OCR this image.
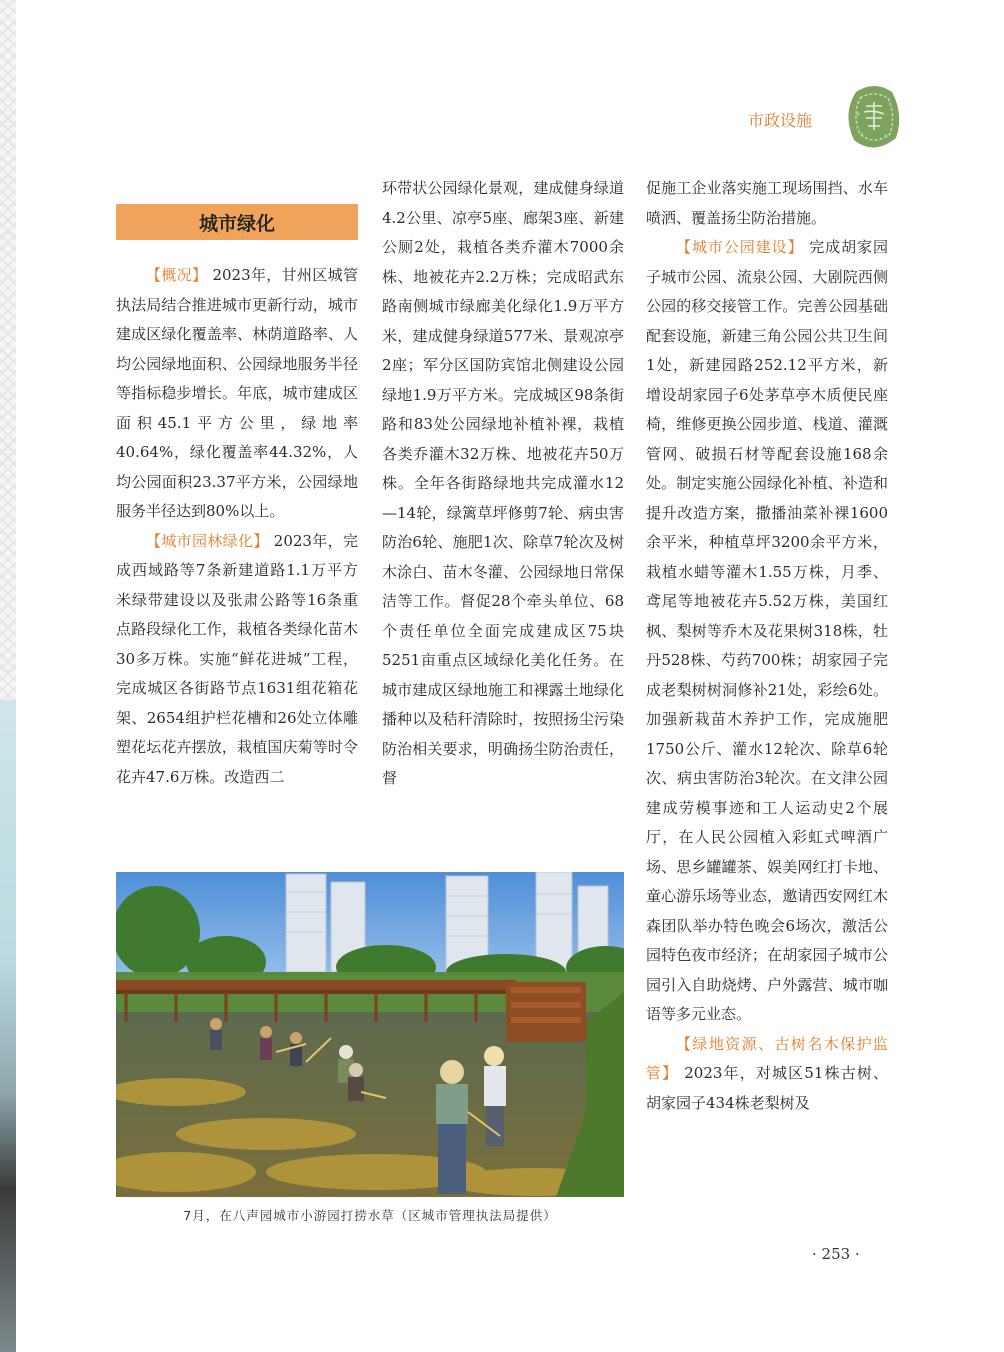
市政设施
城市绿化

【概况】 2023年，甘州区城管执法局结合推进城市更新行动，城市建成区绿化覆盖率、林荫道路率、人均公园绿地面积、公园绿地服务半径等指标稳步增长。年底，城市建成区面积45.1平方公里，绿地率40.64%，绿化覆盖率44.32%，人均公园面积23.37平方米，公园绿地服务半径达到80%以上。

【城市园林绿化】 2023年，完成西域路等7条新建道路1.1万平方米绿带建设以及张肃公路等16条重点路段绿化工作，栽植各类绿化苗木30多万株。实施“鲜花进城”工程，完成城区各街路节点1631组花箱花架、2654组护栏花槽和26处立体雕塑花坛花卉摆放，栽植国庆菊等时令花卉47.6万株。改造西二

环带状公园绿化景观，建成健身绿道4.2公里、凉亭5座、廊架3座、新建公厕2处，栽植各类乔灌木7000余株、地被花卉2.2万株；完成昭武东路南侧城市绿廊美化绿化1.9万平方米，建成健身绿道577米、景观凉亭2座；军分区国防宾馆北侧建设公园绿地1.9万平方米。完成城区98条街路和83处公园绿地补植补裸，栽植各类乔灌木32万株、地被花卉50万株。全年各街路绿地共完成灌水12—14轮，绿篱草坪修剪7轮、病虫害防治6轮、施肥1次、除草7轮次及树木涂白、苗木冬灌、公园绿地日常保洁等工作。督促28个牵头单位、68个责任单位全面完成建成区75块5251亩重点区域绿化美化任务。在城市建成区绿地施工和裸露土地绿化播种以及秸秆清除时，按照扬尘污染防治相关要求，明确扬尘防治责任，督

促施工企业落实施工现场围挡、水车喷洒、覆盖扬尘防治措施。

【城市公园建设】 完成胡家园子城市公园、流泉公园、大剧院西侧公园的移交接管工作。完善公园基础配套设施，新建三角公园公共卫生间1处，新建园路252.12平方米，新增设胡家园子6处茅草亭木质便民座椅，维修更换公园步道、栈道、灌溉管网、破损石材等配套设施168余处。制定实施公园绿化补植、补造和提升改造方案，撒播油菜补裸1600余平米，种植草坪3200余平方米，栽植水蜡等灌木1.55万株，月季、鸢尾等地被花卉5.52万株，美国红枫、梨树等乔木及花果树318株，牡丹528株、芍药700株；胡家园子完成老梨树树洞修补21处，彩绘6处。加强新栽苗木养护工作，完成施肥1750公斤、灌水12轮次、除草6轮次、病虫害防治3轮次。在文津公园建成劳模事迹和工人运动史2个展厅，在人民公园植入彩虹式啤酒广场、思乡罐罐茶、娱美网红打卡地、童心游乐场等业态，邀请西安网红木森团队举办特色晚会6场次，激活公园特色夜市经济；在胡家园子城市公园引入自助烧烤、户外露营、城市咖语等多元业态。

【绿地资源、古树名木保护监管】 2023年，对城区51株古树、胡家园子434株老梨树及

7月，在八声园城市小游园打捞水草（区城市管理执法局提供）
· 253 ·
